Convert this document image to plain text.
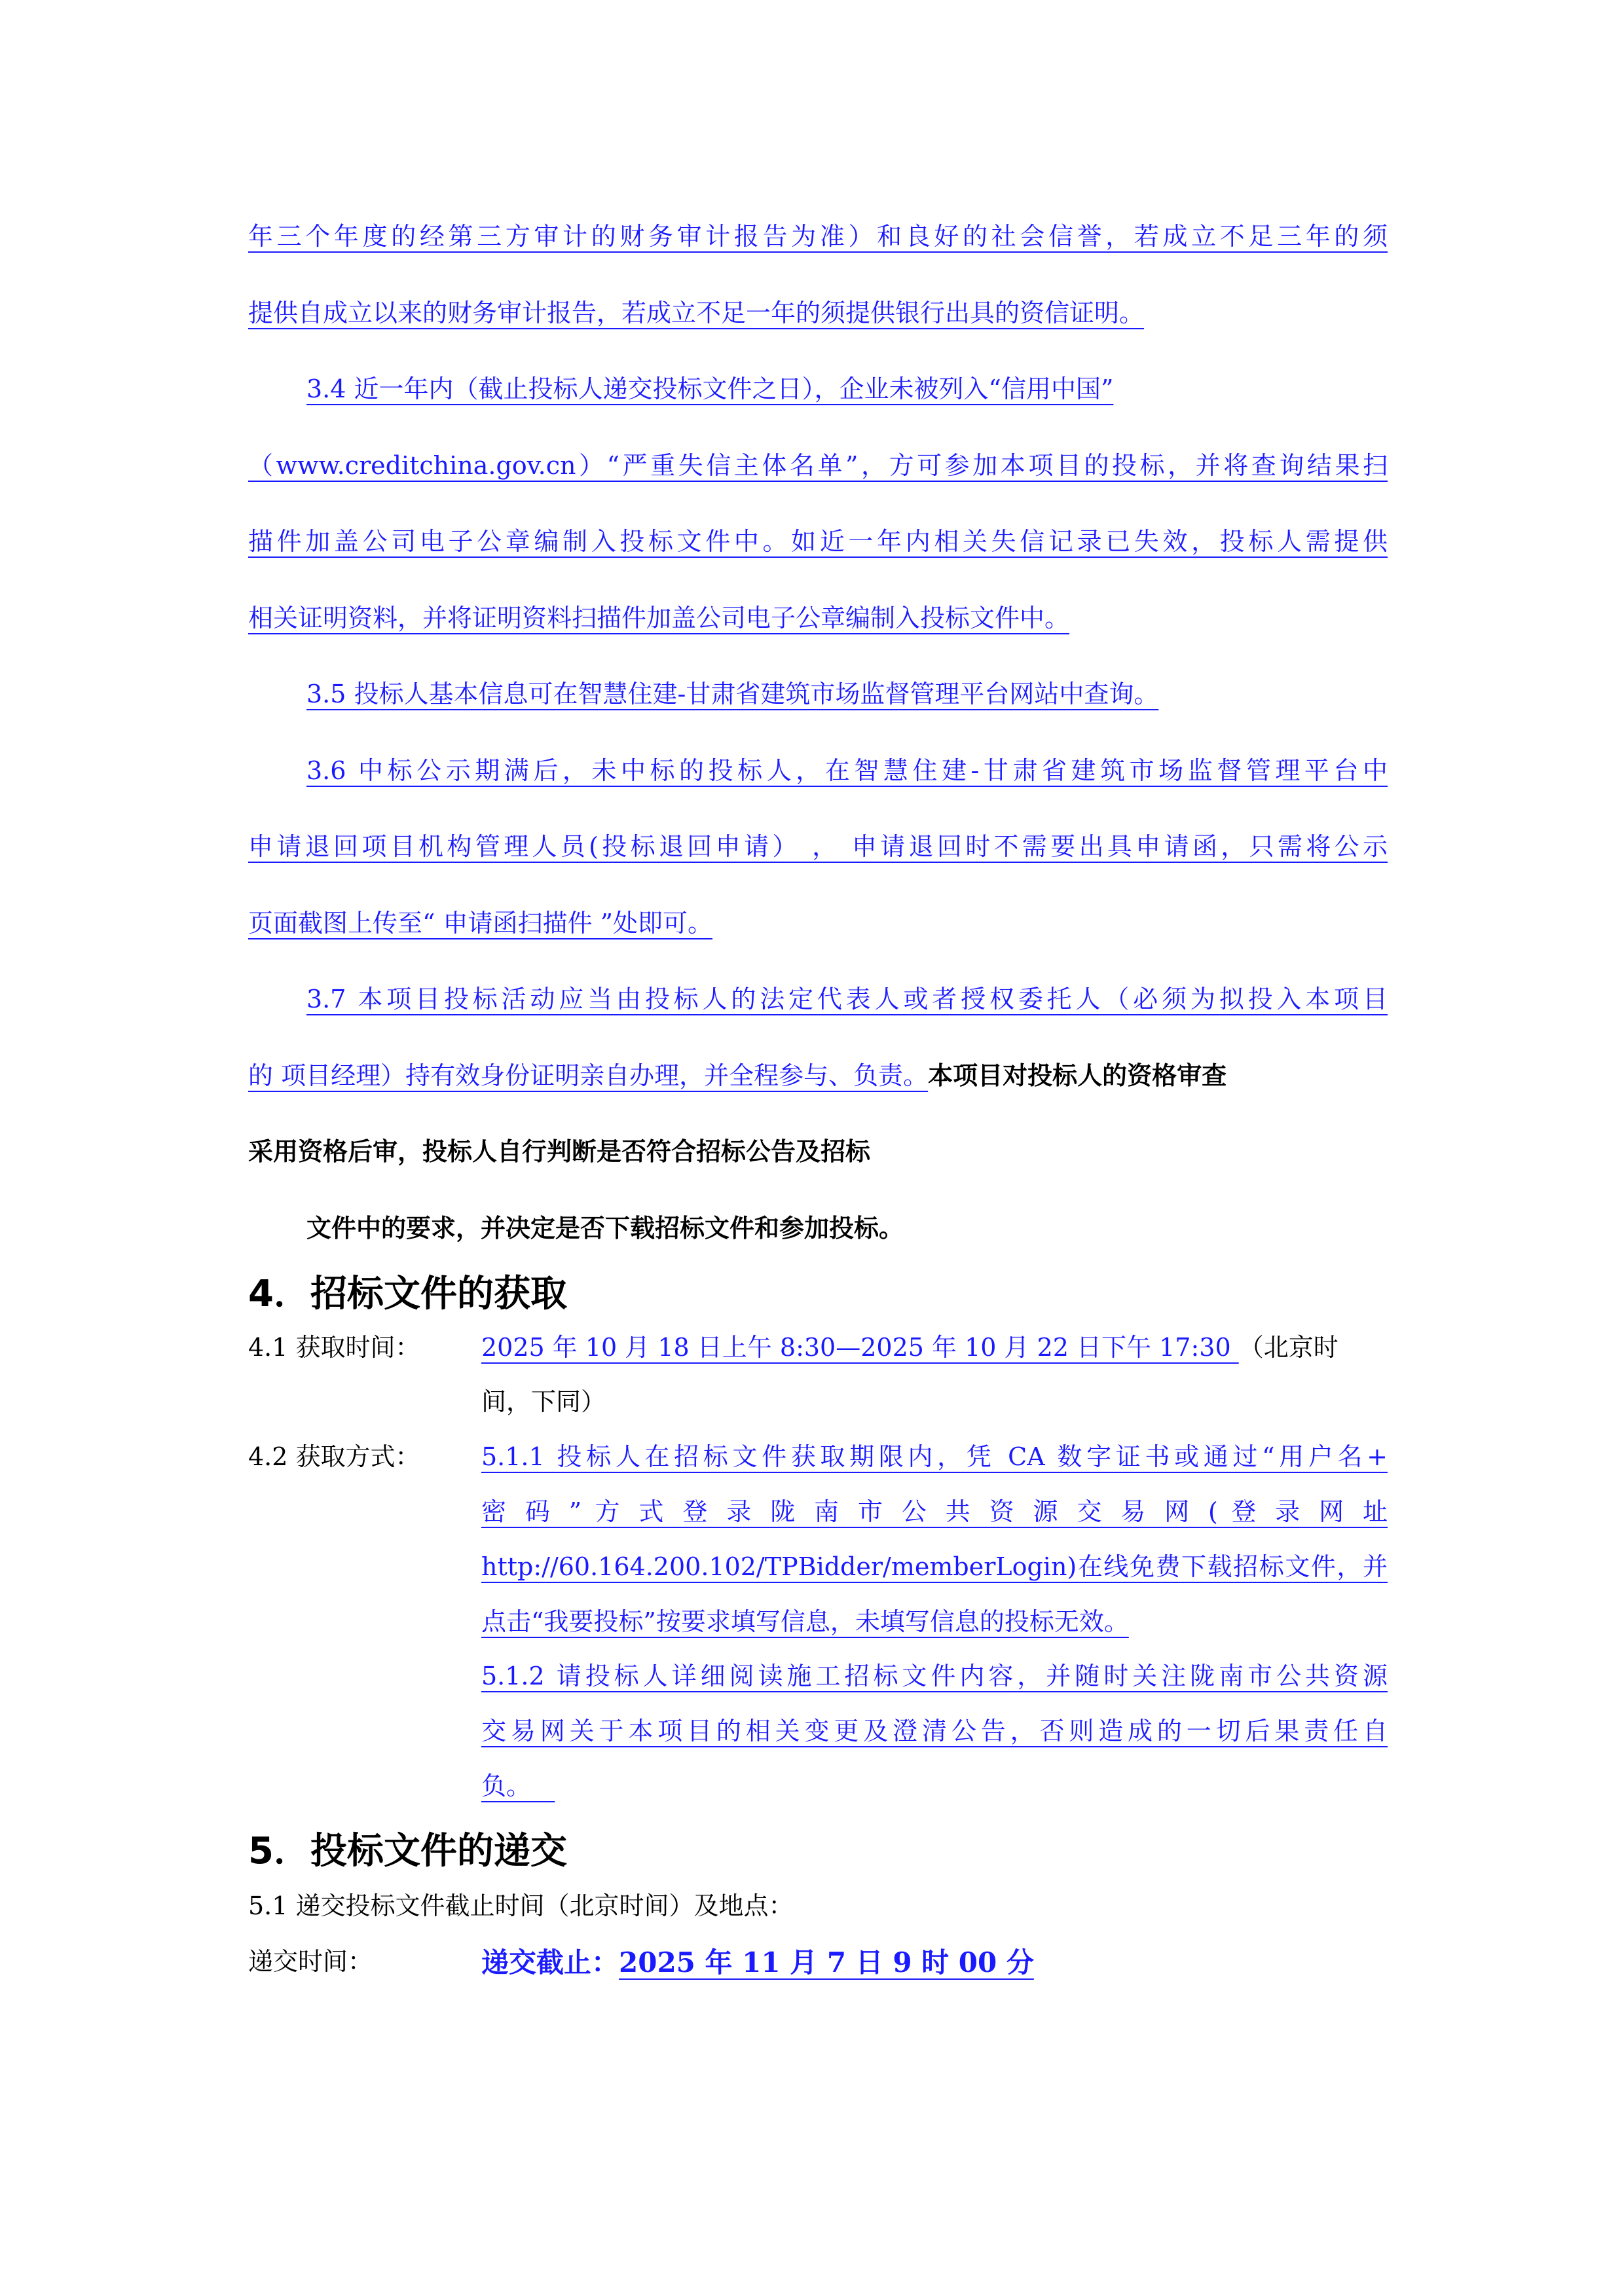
年三个年度的经第三方审计的财务审计报告为准）和良好的社会信誉，若成立不足三年的须
提供自成立以来的财务审计报告，若成立不足一年的须提供银行出具的资信证明。
3.4 近一年内（截止投标人递交投标文件之日），企业未被列入“信用中国”
（www.creditchina.gov.cn）“严重失信主体名单”，方可参加本项目的投标，并将查询结果扫
描件加盖公司电子公章编制入投标文件中。如近一年内相关失信记录已失效，投标人需提供
相关证明资料，并将证明资料扫描件加盖公司电子公章编制入投标文件中。
3.5 投标人基本信息可在智慧住建-甘肃省建筑市场监督管理平台网站中查询。
3.6 中标公示期满后，未中标的投标人，在智慧住建-甘肃省建筑市场监督管理平台中
申请退回项目机构管理人员(投标退回申请） ， 申请退回时不需要出具申请函，只需将公示
页面截图上传至“ 申请函扫描件 ”处即可。
3.7 本项目投标活动应当由投标人的法定代表人或者授权委托人（必须为拟投入本项目
的 项目经理）持有效身份证明亲自办理，并全程参与、负责。本项目对投标人的资格审查
采用资格后审，投标人自行判断是否符合招标公告及招标
文件中的要求，并决定是否下载招标文件和参加投标。
4．招标文件的获取
4.1 获取时间： 2025 年 10 月 18 日上午 8:30—2025 年 10 月 22 日下午 17:30 （北京时
间，下同）
4.2 获取方式： 5.1.1 投标人在招标文件获取期限内，凭 CA 数字证书或通过“用户名+
密 码 ” 方 式 登 录 陇 南 市 公 共 资 源 交 易 网 ( 登 录 网 址
http://60.164.200.102/TPBidder/memberLogin)在线免费下载招标文件，并
点击“我要投标”按要求填写信息，未填写信息的投标无效。
5.1.2 请投标人详细阅读施工招标文件内容，并随时关注陇南市公共资源
交易网关于本项目的相关变更及澄清公告，否则造成的一切后果责任自
负。
5．投标文件的递交
5.1 递交投标文件截止时间（北京时间）及地点：
递交时间：	递交截止：2025 年 11 月 7 日 9 时 00 分
